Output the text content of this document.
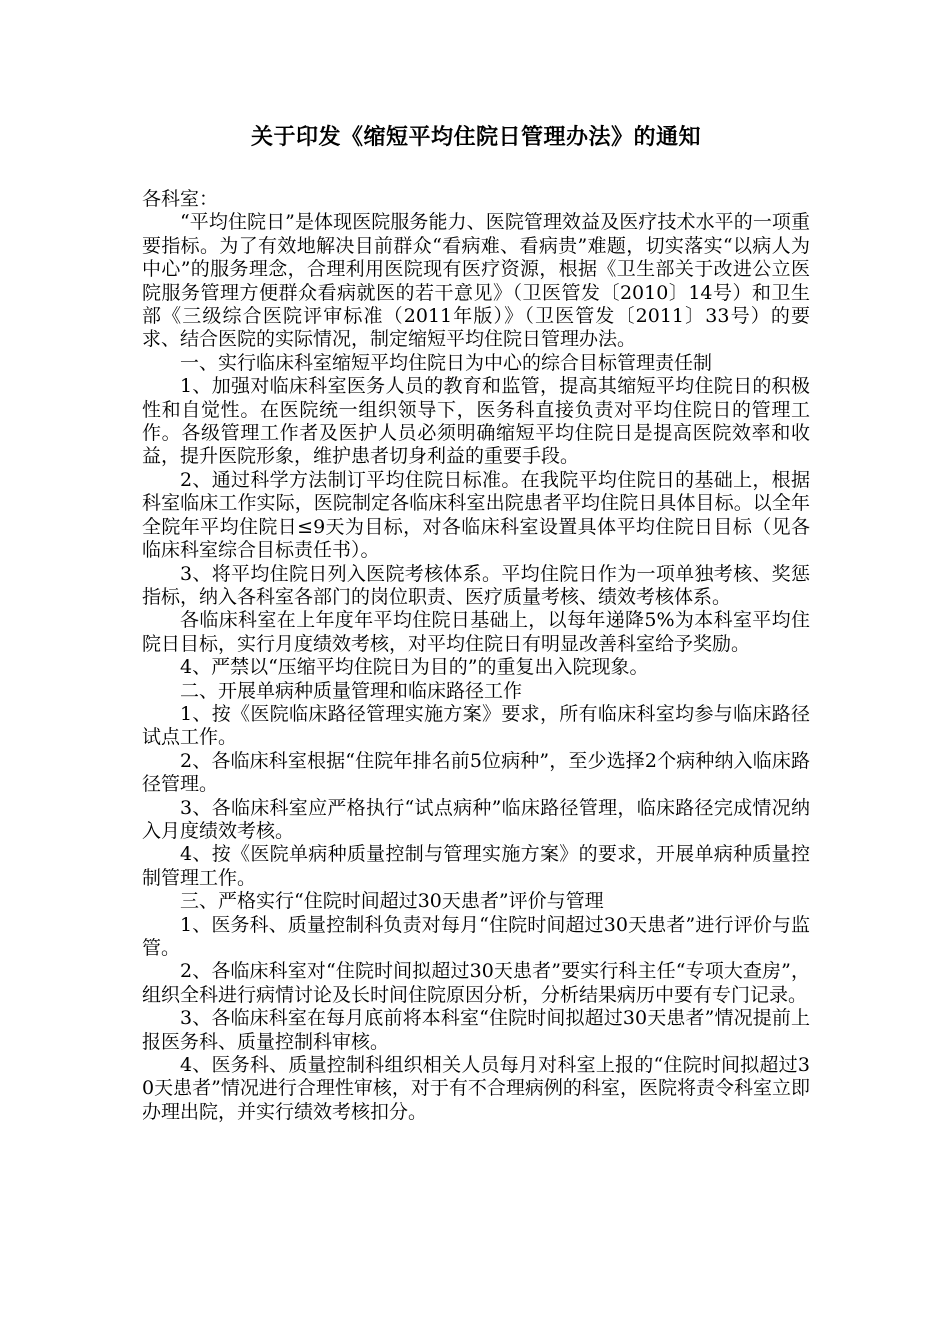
关于印发《缩短平均住院日管理办法》的通知

各科室：

“平均住院日”是体现医院服务能力、医院管理效益及医疗技术水平的一项重要指标。为了有效地解决目前群众“看病难、看病贵”难题，切实落实“以病人为中心”的服务理念，合理利用医院现有医疗资源，根据《卫生部关于改进公立医院服务管理方便群众看病就医的若干意见》（卫医管发〔2010〕14号）和卫生部《三级综合医院评审标准（2011年版）》（卫医管发〔2011〕33号）的要求、结合医院的实际情况，制定缩短平均住院日管理办法。

一、实行临床科室缩短平均住院日为中心的综合目标管理责任制

1、加强对临床科室医务人员的教育和监管，提高其缩短平均住院日的积极性和自觉性。在医院统一组织领导下，医务科直接负责对平均住院日的管理工作。各级管理工作者及医护人员必须明确缩短平均住院日是提高医院效率和收益，提升医院形象，维护患者切身利益的重要手段。

2、通过科学方法制订平均住院日标准。在我院平均住院日的基础上，根据科室临床工作实际，医院制定各临床科室出院患者平均住院日具体目标。以全年全院年平均住院日≤9天为目标，对各临床科室设置具体平均住院日目标（见各临床科室综合目标责任书）。

3、将平均住院日列入医院考核体系。平均住院日作为一项单独考核、奖惩指标，纳入各科室各部门的岗位职责、医疗质量考核、绩效考核体系。

各临床科室在上年度年平均住院日基础上，以每年递降5%为本科室平均住院日目标，实行月度绩效考核，对平均住院日有明显改善科室给予奖励。

4、严禁以“压缩平均住院日为目的”的重复出入院现象。

二、开展单病种质量管理和临床路径工作

1、按《医院临床路径管理实施方案》要求，所有临床科室均参与临床路径试点工作。

2、各临床科室根据“住院年排名前5位病种”，至少选择2个病种纳入临床路径管理。

3、各临床科室应严格执行“试点病种”临床路径管理，临床路径完成情况纳入月度绩效考核。

4、按《医院单病种质量控制与管理实施方案》的要求，开展单病种质量控制管理工作。

三、严格实行“住院时间超过30天患者”评价与管理

1、医务科、质量控制科负责对每月“住院时间超过30天患者”进行评价与监管。

2、各临床科室对“住院时间拟超过30天患者”要实行科主任“专项大查房”，组织全科进行病情讨论及长时间住院原因分析，分析结果病历中要有专门记录。

3、各临床科室在每月底前将本科室“住院时间拟超过30天患者”情况提前上报医务科、质量控制科审核。

4、医务科、质量控制科组织相关人员每月对科室上报的“住院时间拟超过30天患者”情况进行合理性审核，对于有不合理病例的科室，医院将责令科室立即办理出院，并实行绩效考核扣分。
